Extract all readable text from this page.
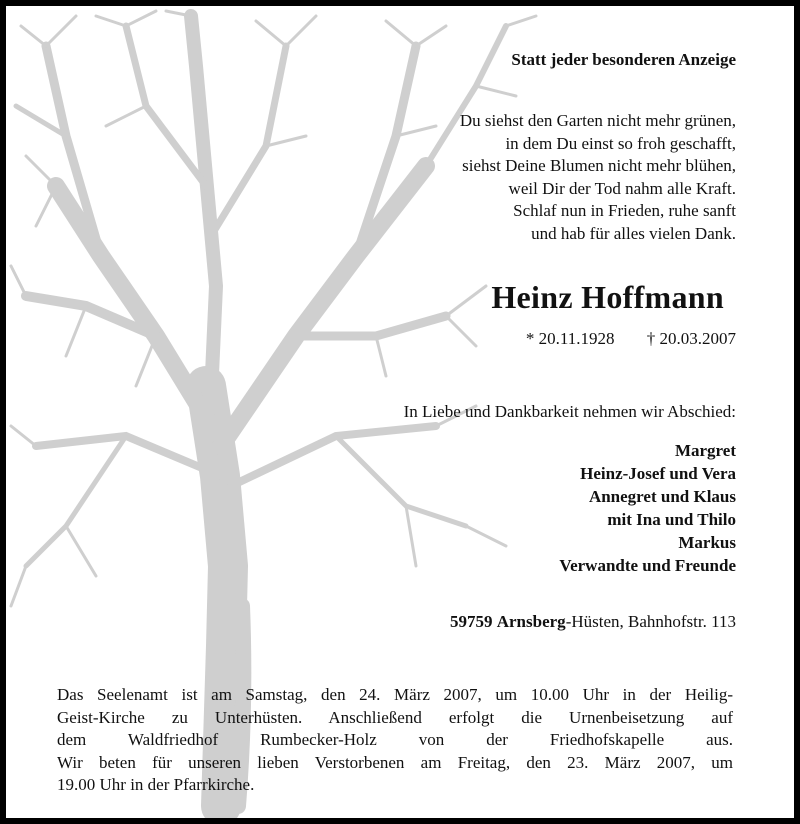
Statt jeder besonderen Anzeige
Du siehst den Garten nicht mehr grünen,
in dem Du einst so froh geschafft,
siehst Deine Blumen nicht mehr blühen,
weil Dir der Tod nahm alle Kraft.
Schlaf nun in Frieden, ruhe sanft
und hab für alles vielen Dank.
Heinz Hoffmann
* 20.11.1928 † 20.03.2007
In Liebe und Dankbarkeit nehmen wir Abschied:
Margret
Heinz-Josef und Vera
Annegret und Klaus
mit Ina und Thilo
Markus
Verwandte und Freunde
59759 Arnsberg-Hüsten, Bahnhofstr. 113
Das Seelenamt ist am Samstag, den 24. März 2007, um 10.00 Uhr in der Heilig-
Geist-Kirche zu Unterhüsten. Anschließend erfolgt die Urnenbeisetzung auf
dem Waldfriedhof Rumbecker-Holz von der Friedhofskapelle aus.
Wir beten für unseren lieben Verstorbenen am Freitag, den 23. März 2007, um
19.00 Uhr in der Pfarrkirche.
